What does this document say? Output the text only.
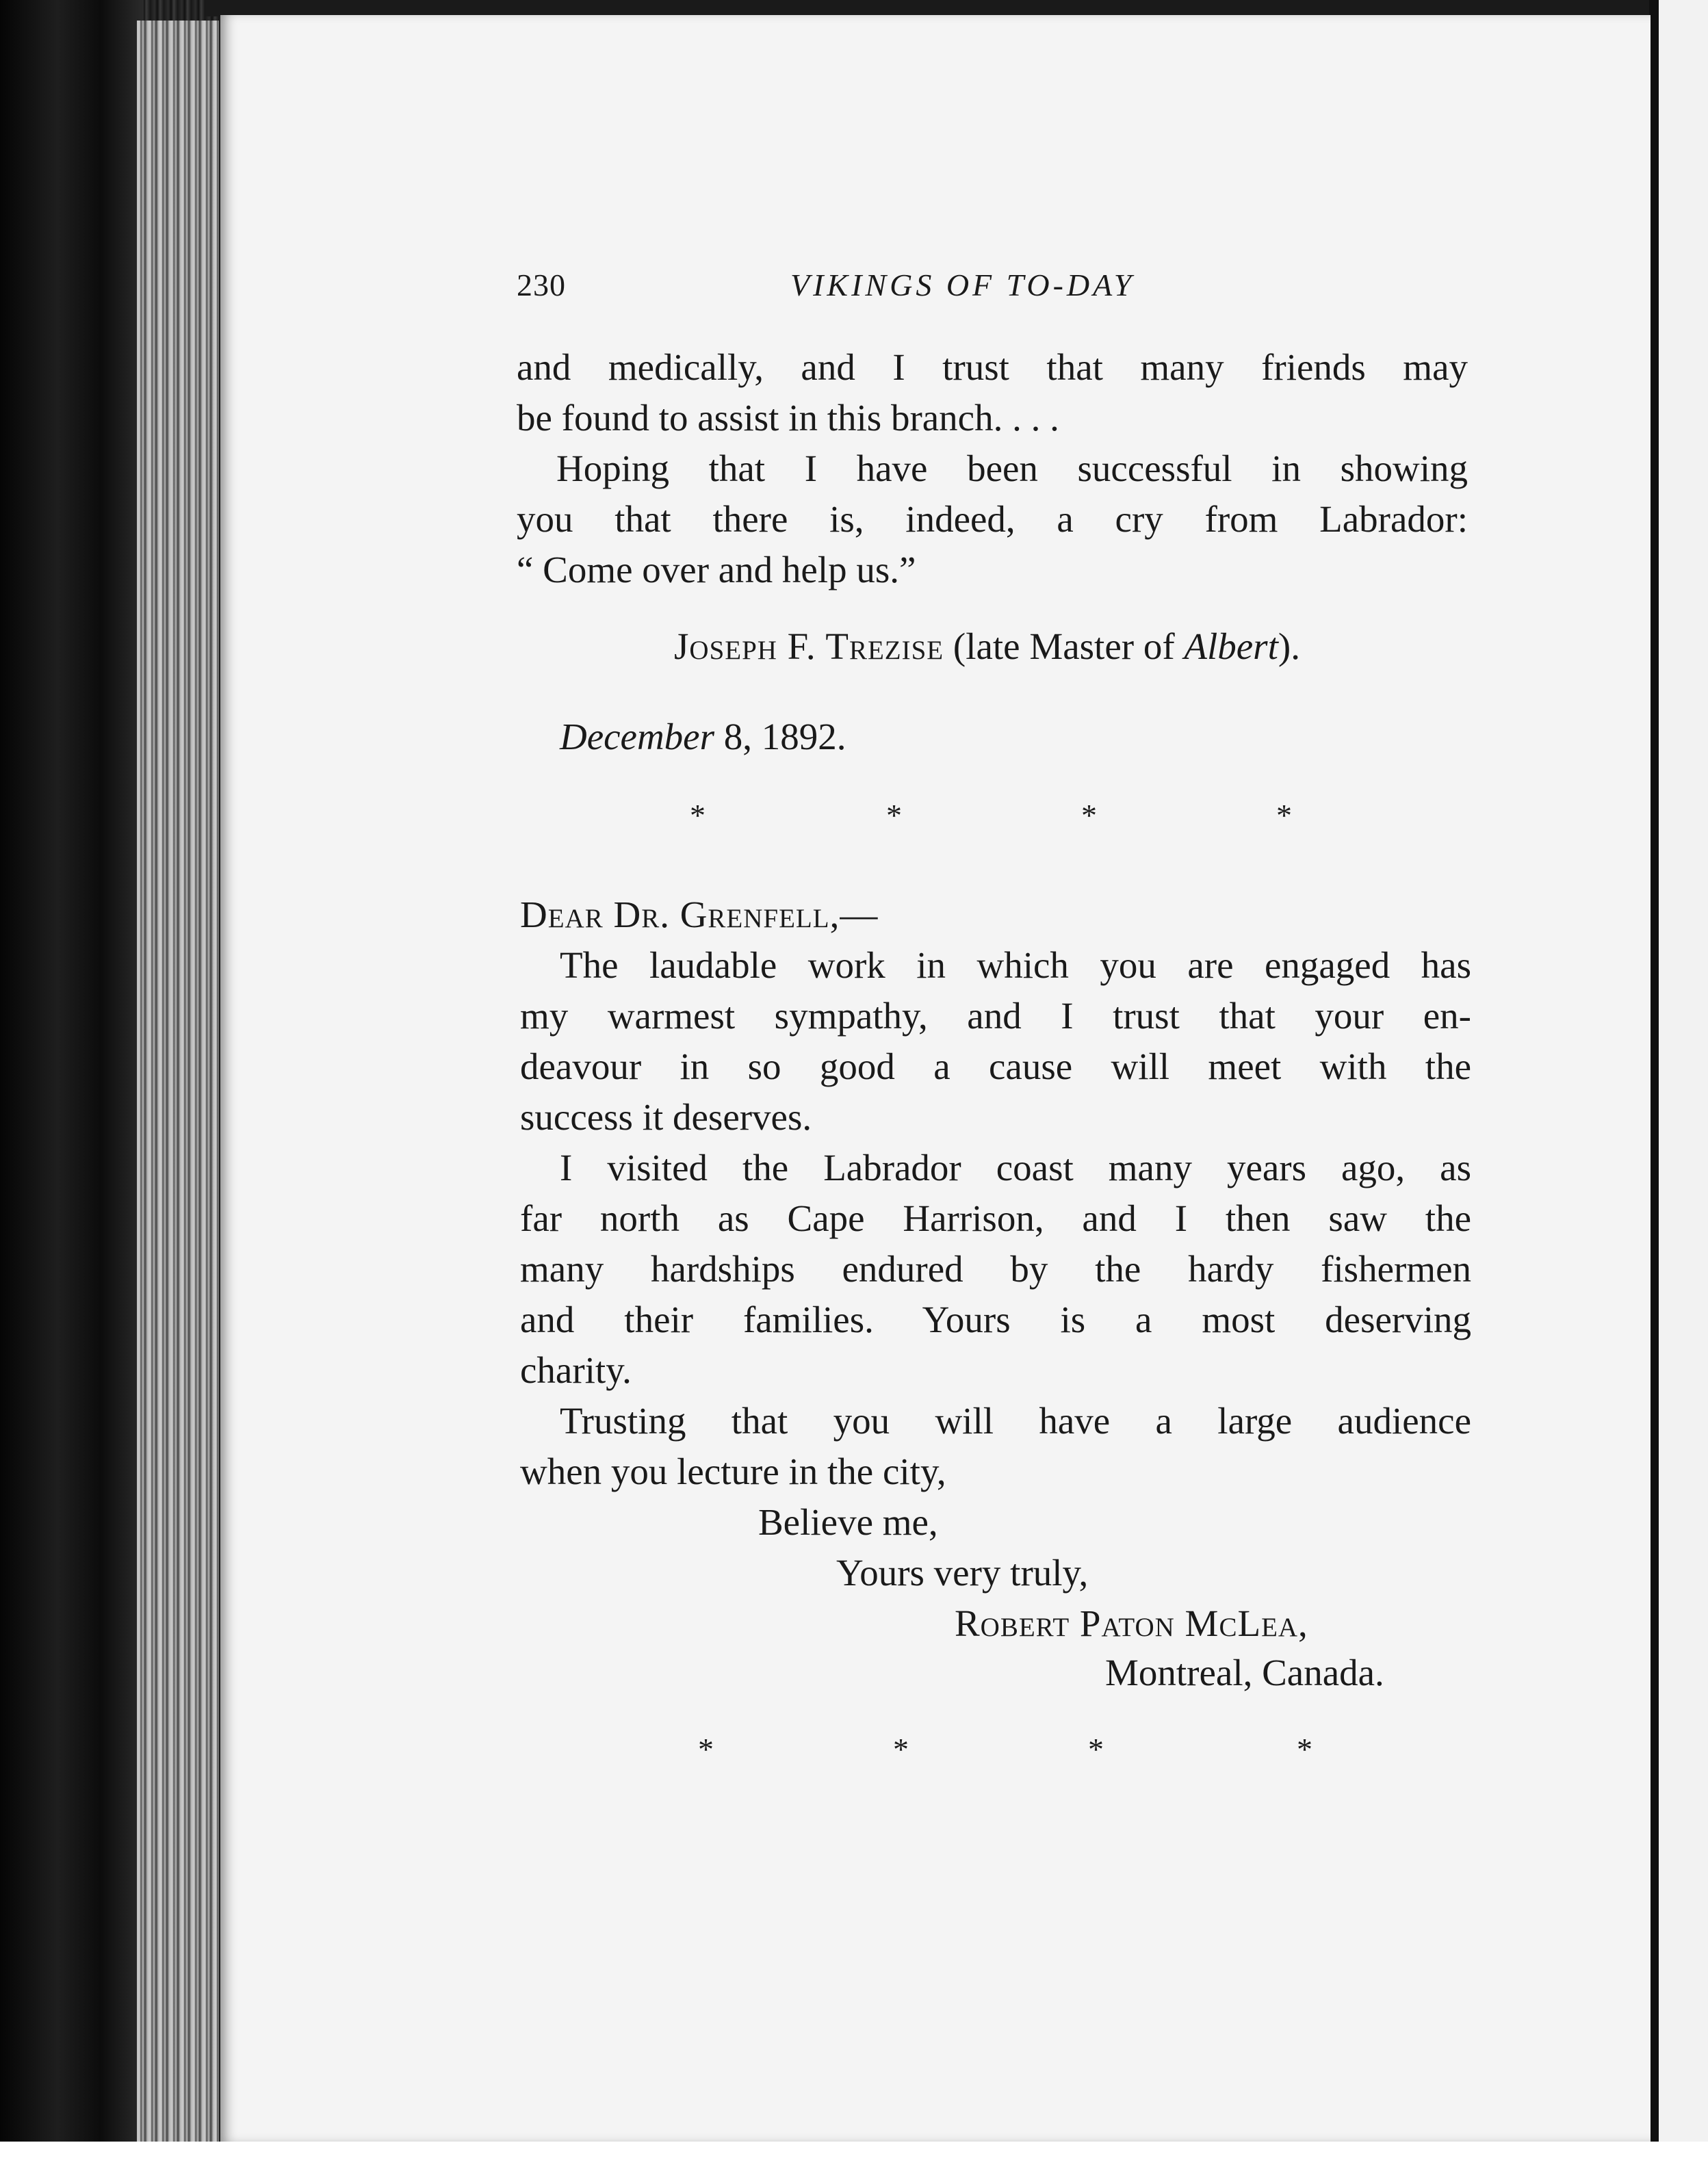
230	VIKINGS OF TO-DAY
and medically, and I trust that many friends may
be found to assist in this branch. . . .
Hoping that I have been successful in showing
you that there is, indeed, a cry from Labrador:
“ Come over and help us.”
Joseph F. Trezise (late Master of Albert).
December 8, 1892.
*	*	*	*
Dear Dr. Grenfell,—
The laudable work in which you are engaged has
my warmest sympathy, and I trust that your en-
deavour in so good a cause will meet with the
success it deserves.
I visited the Labrador coast many years ago, as
far north as Cape Harrison, and I then saw the
many hardships endured by the hardy fishermen
and their families. Yours is a most deserving
charity.
Trusting that you will have a large audience
when you lecture in the city,
Believe me,
Yours very truly,
Robert Paton McLea,
Montreal, Canada.
*	*	*	*
